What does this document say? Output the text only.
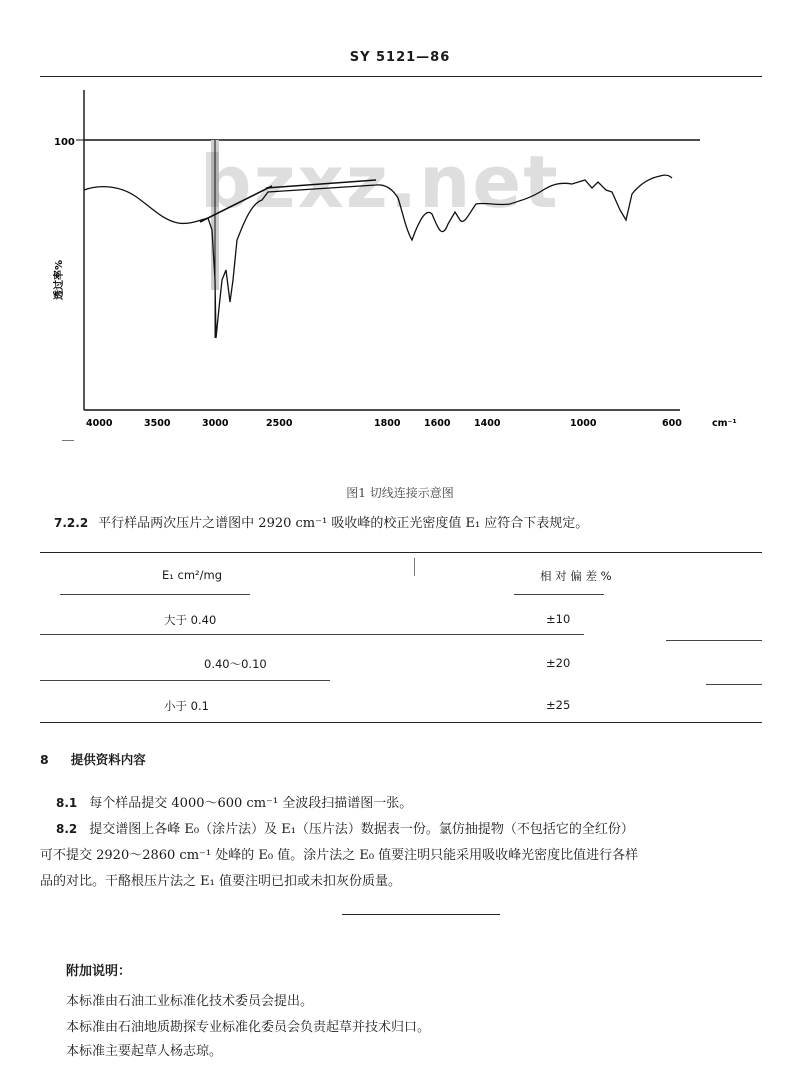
SY 5121—86
100
透过率%
4000	3500	3000	2500	1800 1600 1400	1000	600	cm⁻¹
bzxz.net
图1 切线连接示意图
7.2.2 平行样品两次压片之谱图中 2920 cm⁻¹ 吸收峰的校正光密度值 E₁ 应符合下表规定。
E₁ cm²/mg	相 对 偏 差 %
大于 0.40	±10
0.40～0.10	±20
小于 0.1	±25
8 提供资料内容
8.1 每个样品提交 4000～600 cm⁻¹ 全波段扫描谱图一张。
8.2 提交谱图上各峰 E₀（涂片法）及 E₁（压片法）数据表一份。氯仿抽提物（不包括它的全红份）
可不提交 2920～2860 cm⁻¹ 处峰的 E₀ 值。涂片法之 E₀ 值要注明只能采用吸收峰光密度比值进行各样
品的对比。干酪根压片法之 E₁ 值要注明已扣或未扣灰份质量。
附加说明：
本标准由石油工业标准化技术委员会提出。
本标准由石油地质勘探专业标准化委员会负责起草并技术归口。
本标准主要起草人杨志琼。
